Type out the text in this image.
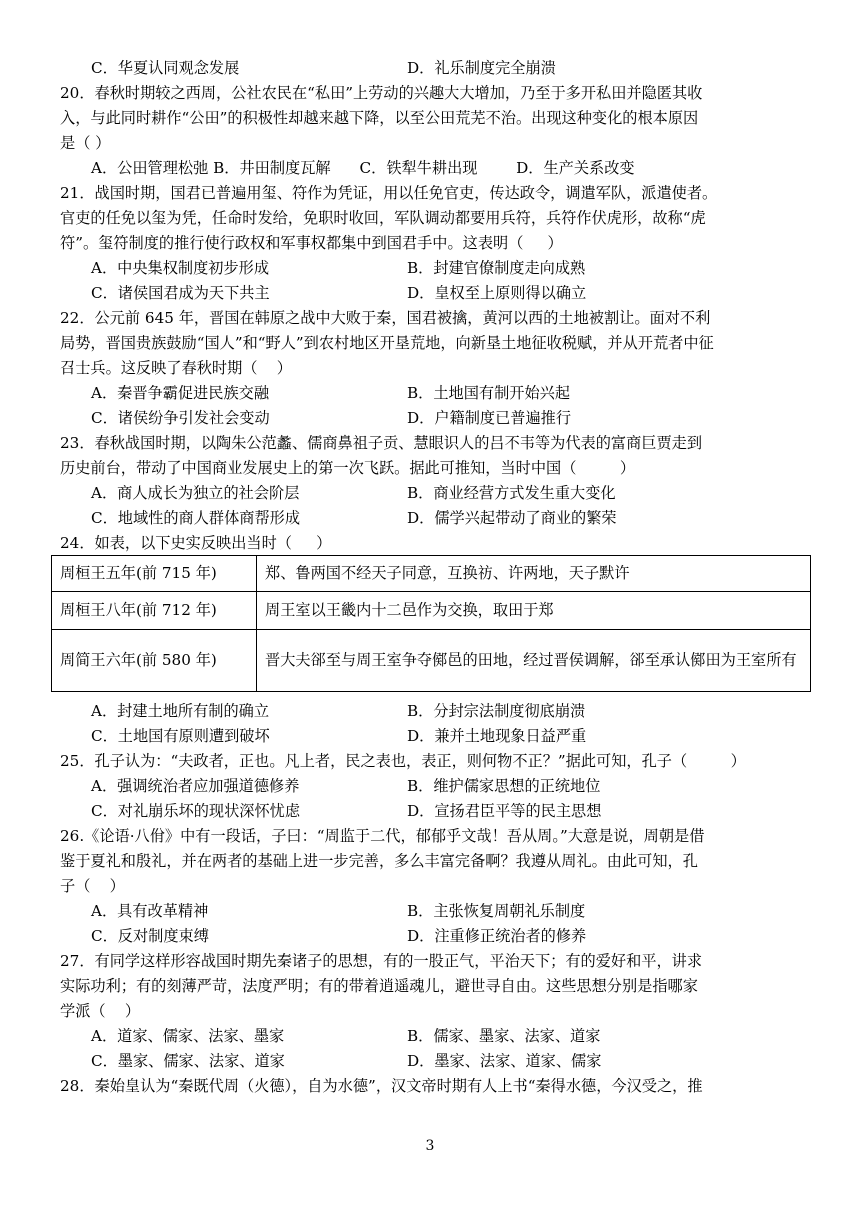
C．华夏认同观念发展	D．礼乐制度完全崩溃
20．春秋时期较之西周，公社农民在“私田”上劳动的兴趣大大增加，乃至于多开私田并隐匿其收
入，与此同时耕作“公田”的积极性却越来越下降，以至公田荒芜不治。出现这种变化的根本原因
是（ ）
A．公田管理松弛 B．井田制度瓦解      C．铁犁牛耕出现        D．生产关系改变
21．战国时期，国君已普遍用玺、符作为凭证，用以任免官吏，传达政令，调遣军队，派遣使者。
官吏的任免以玺为凭，任命时发给，免职时收回，军队调动都要用兵符，兵符作伏虎形，故称“虎
符”。玺符制度的推行使行政权和军事权都集中到国君手中。这表明（     ）
A．中央集权制度初步形成	B．封建官僚制度走向成熟
C．诸侯国君成为天下共主	D．皇权至上原则得以确立
22．公元前 645 年，晋国在韩原之战中大败于秦，国君被擒，黄河以西的土地被割让。面对不利
局势，晋国贵族鼓励“国人”和“野人”到农村地区开垦荒地，向新垦土地征收税赋，并从开荒者中征
召士兵。这反映了春秋时期（    ）
A．秦晋争霸促进民族交融	B．土地国有制开始兴起
C．诸侯纷争引发社会变动	D．户籍制度已普遍推行
23．春秋战国时期，以陶朱公范蠡、儒商鼻祖子贡、慧眼识人的吕不韦等为代表的富商巨贾走到
历史前台，带动了中国商业发展史上的第一次飞跃。据此可推知，当时中国（         ）
A．商人成长为独立的社会阶层	B．商业经营方式发生重大变化
C．地域性的商人群体商帮形成	D．儒学兴起带动了商业的繁荣
24．如表，以下史实反映出当时（     ）
周桓王五年(前 715 年)	郑、鲁两国不经天子同意，互换祊、许两地，天子默许
周桓王八年(前 712 年)	周王室以王畿内十二邑作为交换，取田于郑
周简王六年(前 580 年)	晋大夫郤至与周王室争夺鄇邑的田地，经过晋侯调解，郤至承认鄇田为王室所有
A．封建土地所有制的确立	B．分封宗法制度彻底崩溃
C．土地国有原则遭到破坏	D．兼并土地现象日益严重
25．孔子认为：“夫政者，正也。凡上者，民之表也，表正，则何物不正？”据此可知，孔子（         ）
A．强调统治者应加强道德修养	B．维护儒家思想的正统地位
C．对礼崩乐坏的现状深怀忧虑	D．宣扬君臣平等的民主思想
26.《论语·八佾》中有一段话，子曰：“周监于二代，郁郁乎文哉！吾从周。”大意是说，周朝是借
鉴于夏礼和殷礼，并在两者的基础上进一步完善，多么丰富完备啊？我遵从周礼。由此可知，孔
子（    ）
A．具有改革精神	B．主张恢复周朝礼乐制度
C．反对制度束缚	D．注重修正统治者的修养
27．有同学这样形容战国时期先秦诸子的思想，有的一股正气，平治天下；有的爱好和平，讲求
实际功利；有的刻薄严苛，法度严明；有的带着逍遥魂儿，避世寻自由。这些思想分别是指哪家
学派（    ）
A．道家、儒家、法家、墨家	B．儒家、墨家、法家、道家
C．墨家、儒家、法家、道家	D．墨家、法家、道家、儒家
28．秦始皇认为“秦既代周（火德），自为水德”，汉文帝时期有人上书“秦得水德，今汉受之，推
3
